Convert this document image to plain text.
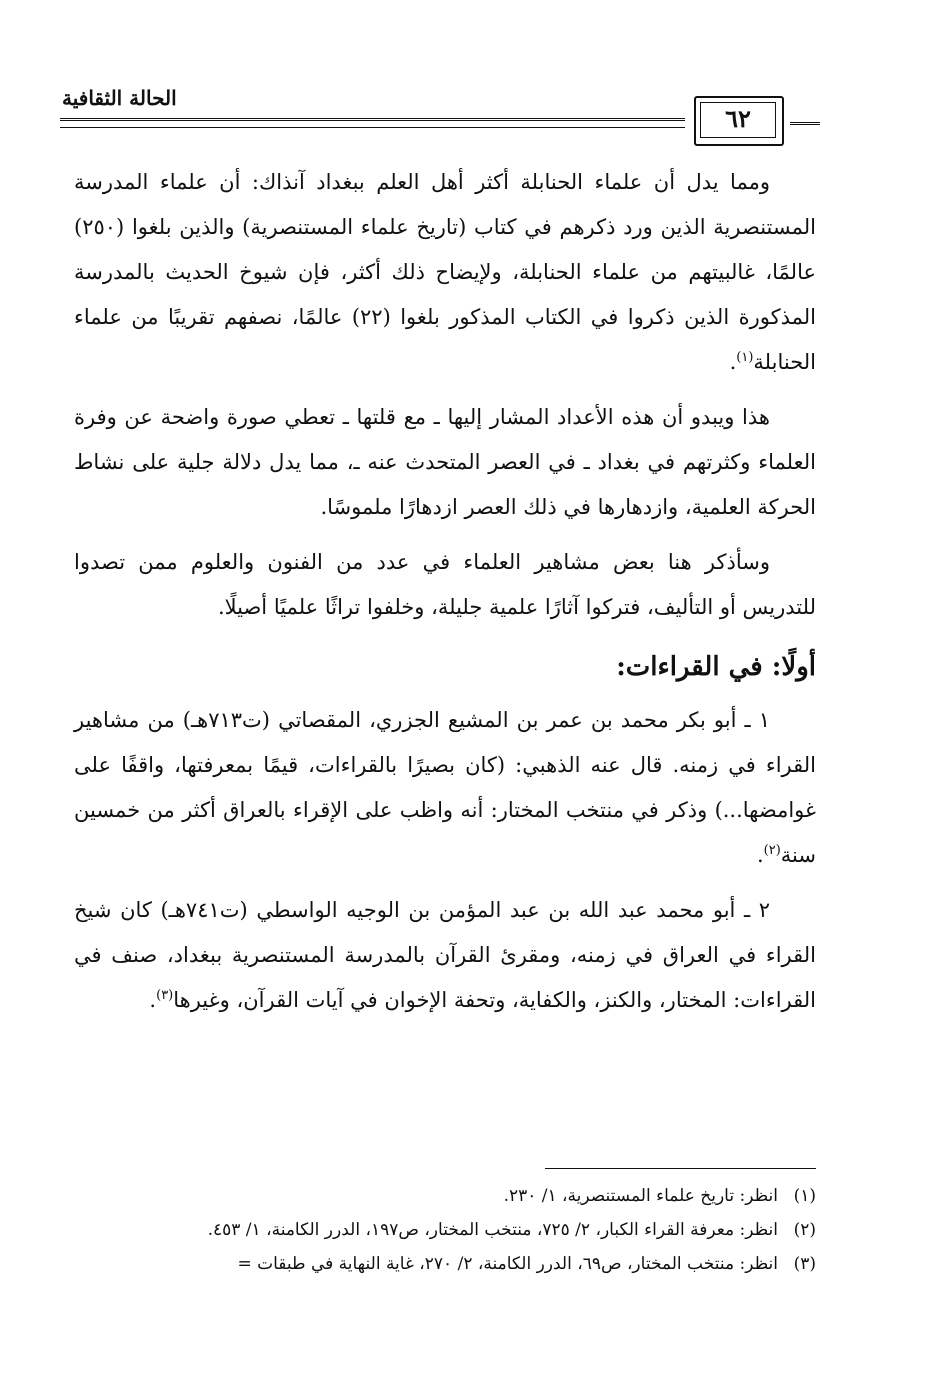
الحالة الثقافية
٦٢

ومما يدل أن علماء الحنابلة أكثر أهل العلم ببغداد آنذاك: أن علماء المدرسة المستنصرية الذين ورد ذكرهم في كتاب (تاريخ علماء المستنصرية) والذين بلغوا (٢٥٠) عالمًا، غالبيتهم من علماء الحنابلة، ولإيضاح ذلك أكثر، فإن شيوخ الحديث بالمدرسة المذكورة الذين ذكروا في الكتاب المذكور بلغوا (٢٢) عالمًا، نصفهم تقريبًا من علماء الحنابلة$^{(١)}$.

هذا ويبدو أن هذه الأعداد المشار إليها ـ مع قلتها ـ تعطي صورة واضحة عن وفرة العلماء وكثرتهم في بغداد ـ في العصر المتحدث عنه ـ، مما يدل دلالة جلية على نشاط الحركة العلمية، وازدهارها في ذلك العصر ازدهارًا ملموسًا.

وسأذكر هنا بعض مشاهير العلماء في عدد من الفنون والعلوم ممن تصدوا للتدريس أو التأليف، فتركوا آثارًا علمية جليلة، وخلفوا تراثًا علميًا أصيلًا.

أولًا: في القراءات:

١ ـ أبو بكر محمد بن عمر بن المشيع الجزري، المقصاتي (ت٧١٣هـ) من مشاهير القراء في زمنه. قال عنه الذهبي: (كان بصيرًا بالقراءات، قيمًا بمعرفتها، واقفًا على غوامضها...) وذكر في منتخب المختار: أنه واظب على الإقراء بالعراق أكثر من خمسين سنة$^{(٢)}$.

٢ ـ أبو محمد عبد الله بن عبد المؤمن بن الوجيه الواسطي (ت٧٤١هـ) كان شيخ القراء في العراق في زمنه، ومقرئ القرآن بالمدرسة المستنصرية ببغداد، صنف في القراءات: المختار، والكنز، والكفاية، وتحفة الإخوان في آيات القرآن، وغيرها$^{(٣)}$.

(١)
انظر: تاريخ علماء المستنصرية، ١/ ٢٣٠.
(٢)
انظر: معرفة القراء الكبار، ٢/ ٧٢٥، منتخب المختار، ص١٩٧، الدرر الكامنة، ١/ ٤٥٣.
(٣)
انظر: منتخب المختار، ص٦٩، الدرر الكامنة، ٢/ ٢٧٠، غاية النهاية في طبقات =
